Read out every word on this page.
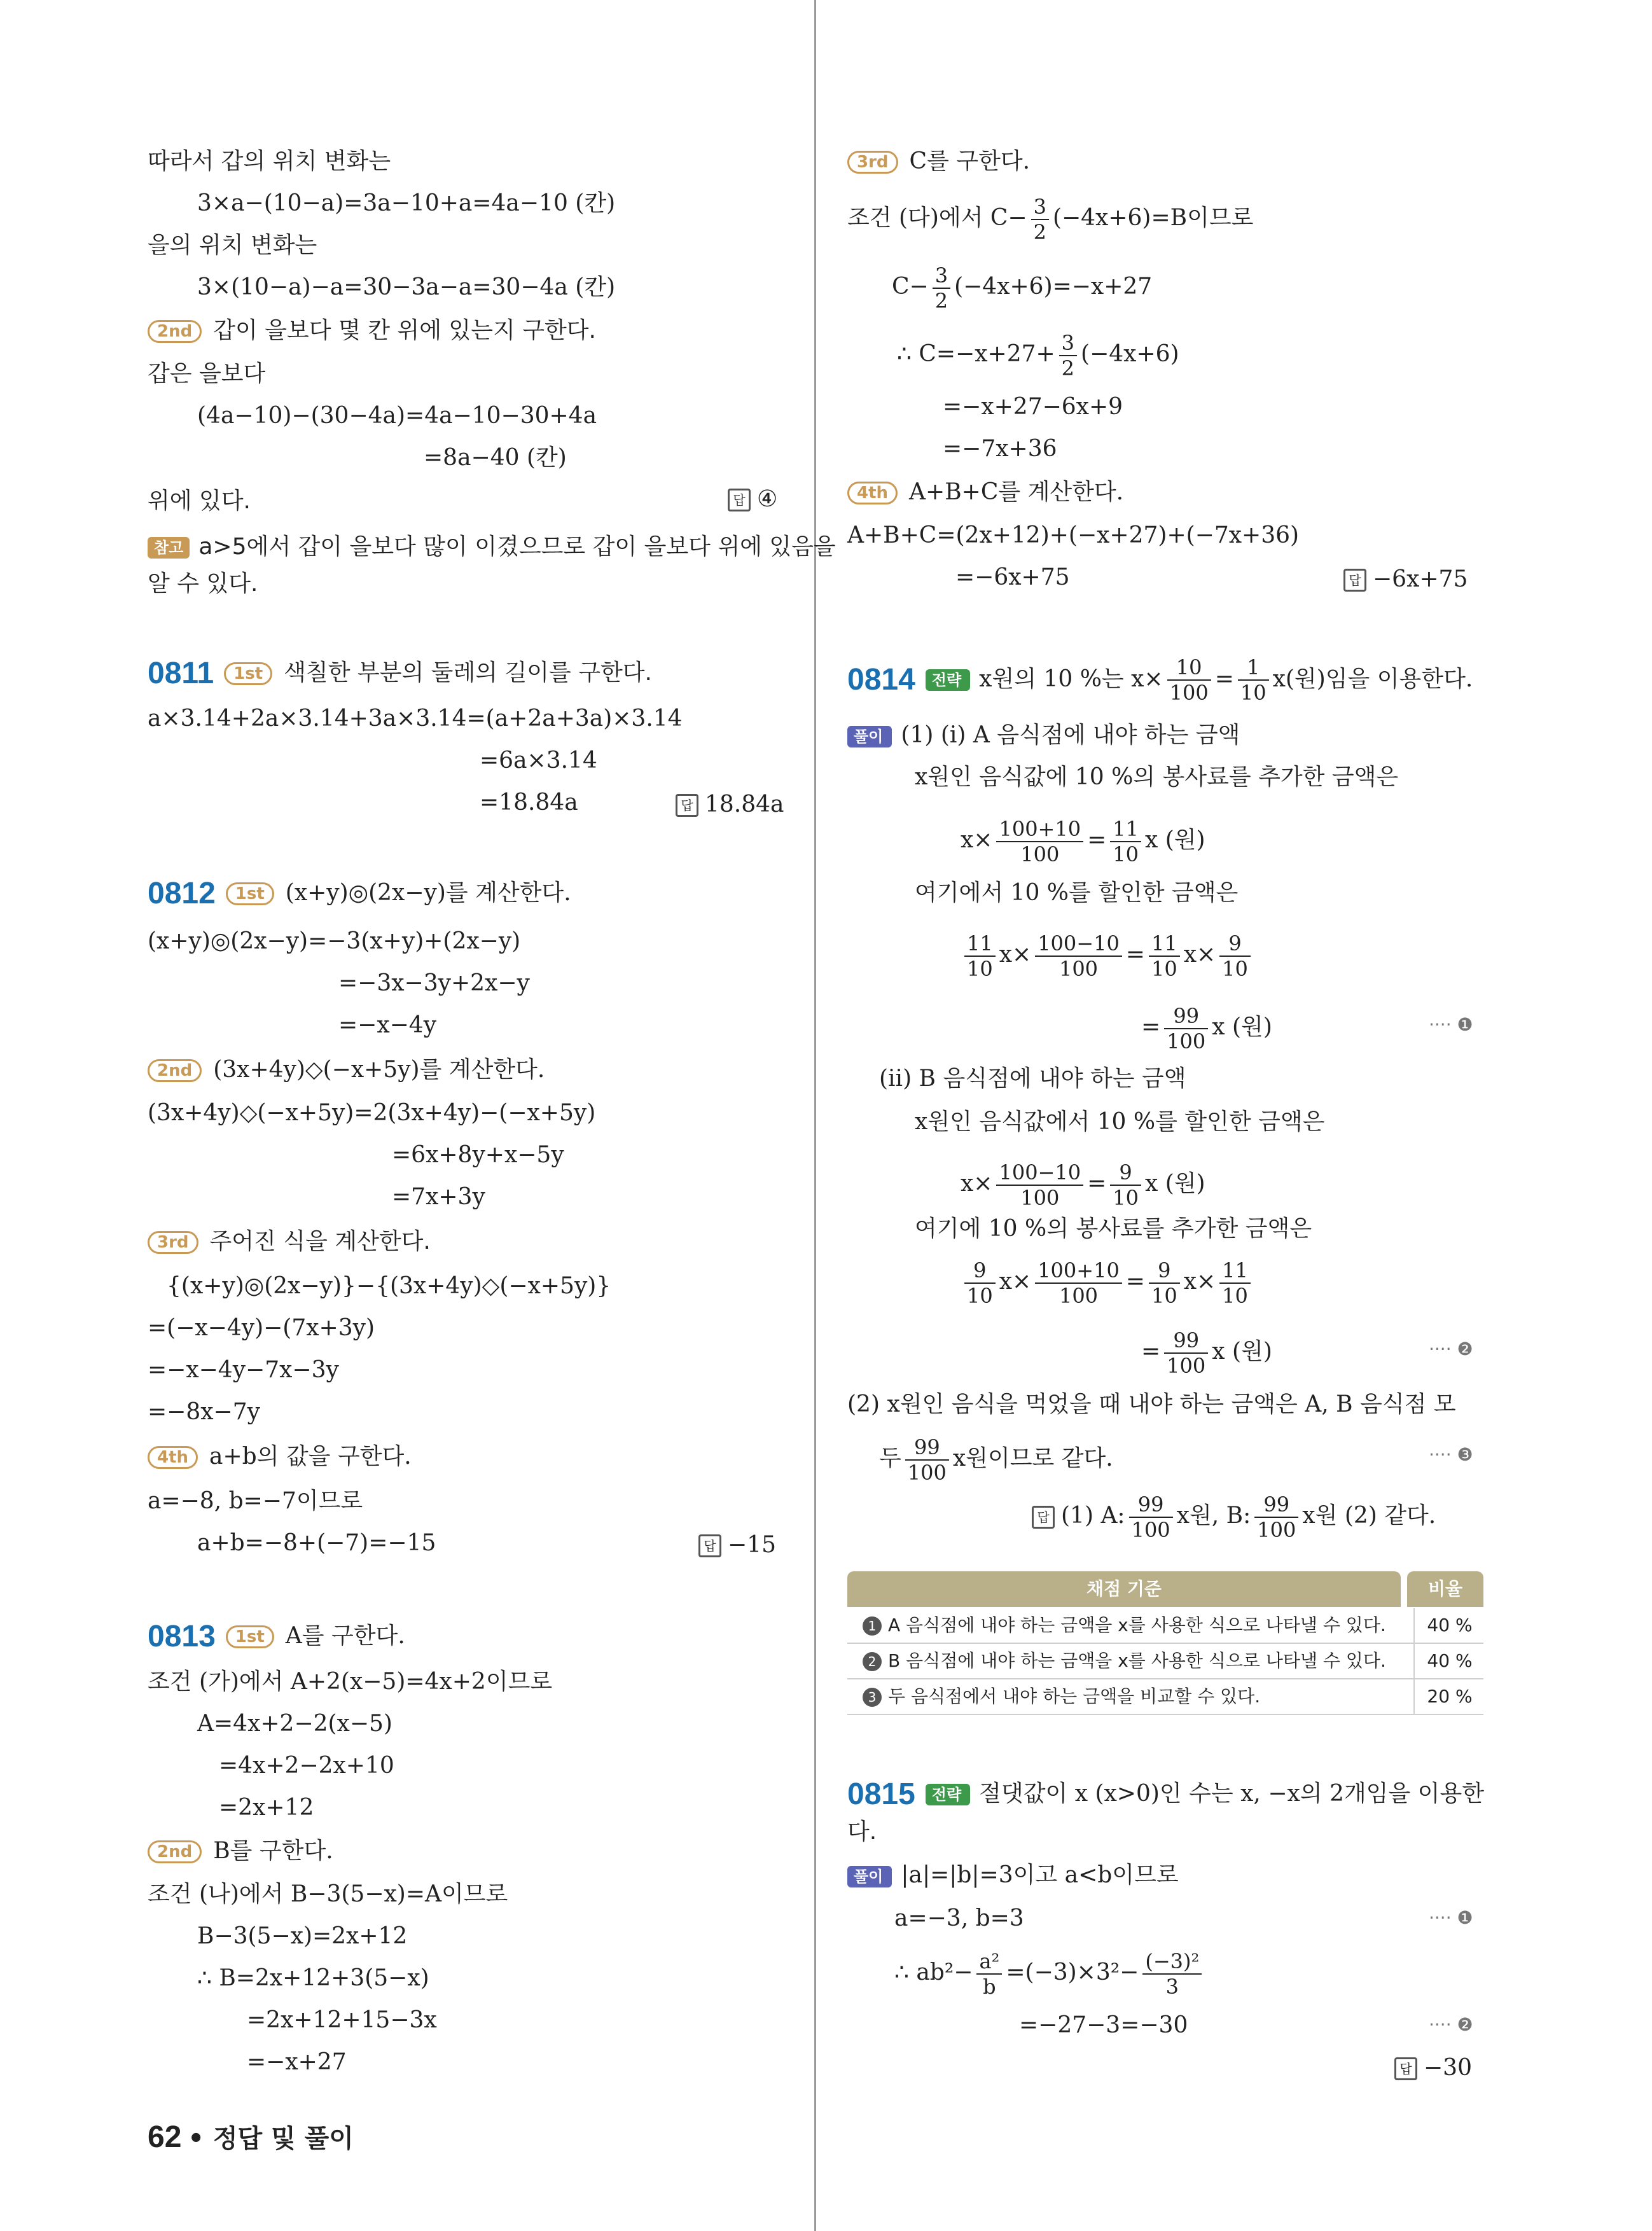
따라서 갑의 위치 변화는
3×a−(10−a)=3a−10+a=4a−10 (칸)
을의 위치 변화는
3×(10−a)−a=30−3a−a=30−4a (칸)
2nd 갑이 을보다 몇 칸 위에 있는지 구한다.
갑은 을보다
(4a−10)−(30−4a)=4a−10−30+4a
=8a−40 (칸)
위에 있다.	답 ④
참고 a>5에서 갑이 을보다 많이 이겼으므로 갑이 을보다 위에 있음을
알 수 있다.
0811 1st 색칠한 부분의 둘레의 길이를 구한다.
a×3.14+2a×3.14+3a×3.14=(a+2a+3a)×3.14
=6a×3.14
=18.84a	답 18.84a
0812 1st (x+y)◎(2x−y)를 계산한다.
(x+y)◎(2x−y)=−3(x+y)+(2x−y)
=−3x−3y+2x−y
=−x−4y
2nd (3x+4y)◇(−x+5y)를 계산한다.
(3x+4y)◇(−x+5y)=2(3x+4y)−(−x+5y)
=6x+8y+x−5y
=7x+3y
3rd 주어진 식을 계산한다.
{(x+y)◎(2x−y)}−{(3x+4y)◇(−x+5y)}
=(−x−4y)−(7x+3y)
=−x−4y−7x−3y
=−8x−7y
4th a+b의 값을 구한다.
a=−8, b=−7이므로
a+b=−8+(−7)=−15	답 −15
0813 1st A를 구한다.
조건 (가)에서 A+2(x−5)=4x+2이므로
A=4x+2−2(x−5)
=4x+2−2x+10
=2x+12
2nd B를 구한다.
조건 (나)에서 B−3(5−x)=A이므로
B−3(5−x)=2x+12
∴ B=2x+12+3(5−x)
=2x+12+15−3x
=−x+27
3rd C를 구한다.
조건 (다)에서 $C- \frac{3}{2} (-4x+6)=B$이므로
$C- \frac{3}{2} (-4x+6)=-x+27$
∴ $C=-x+27+ \frac{3}{2} (-4x+6)$
=−x+27−6x+9
=−7x+36
4th A+B+C를 계산한다.
A+B+C=(2x+12)+(−x+27)+(−7x+36)
=−6x+75	답 −6x+75
0814 전략 x원의 10 %는 $x\times \frac{10}{100} = \frac{1}{10} x$(원)임을 이용한다.
풀이 (1) (i) A 음식점에 내야 하는 금액
x원인 음식값에 10 %의 봉사료를 추가한 금액은
$x\times \frac{100+10}{100} = \frac{11}{10}$ x (원)
여기에서 10 %를 할인한 금액은
$\frac{11}{10} x\times \frac{100-10}{100} = \frac{11}{10} x\times \frac{9}{10}$
= $\frac{99}{100}$ x (원)	···· ❶
(ii) B 음식점에 내야 하는 금액
x원인 음식값에서 10 %를 할인한 금액은
$x\times \frac{100-10}{100} = \frac{9}{10}$ x (원)
여기에 10 %의 봉사료를 추가한 금액은
$\frac{9}{10} x\times \frac{100+10}{100} = \frac{9}{10} x\times \frac{11}{10}$
= $\frac{99}{100}$ x (원)	···· ❷
(2) x원인 음식을 먹었을 때 내야 하는 금액은 A, B 음식점 모
두 $\frac{99}{100}$ x원이므로 같다.	···· ❸
답 (1) A: $\frac{99}{100}$ x원, B: $\frac{99}{100}$ x원 (2) 같다.
채점 기준	비율
1 A 음식점에 내야 하는 금액을 x를 사용한 식으로 나타낼 수 있다.	40 %
2 B 음식점에 내야 하는 금액을 x를 사용한 식으로 나타낼 수 있다.	40 %
3 두 음식점에서 내야 하는 금액을 비교할 수 있다.	20 %
0815 전략 절댓값이 x (x>0)인 수는 x, −x의 2개임을 이용한
다.
풀이 |a|=|b|=3이고 a<b이므로
a=−3, b=3	···· ❶
∴ $ab^2- \frac{\text{a²}}{b} =(-3)\times 3^2- \frac{\text{(−3)²}}{3}$
=−27−3=−30	···· ❷
답 −30
62 • 정답 및 풀이
